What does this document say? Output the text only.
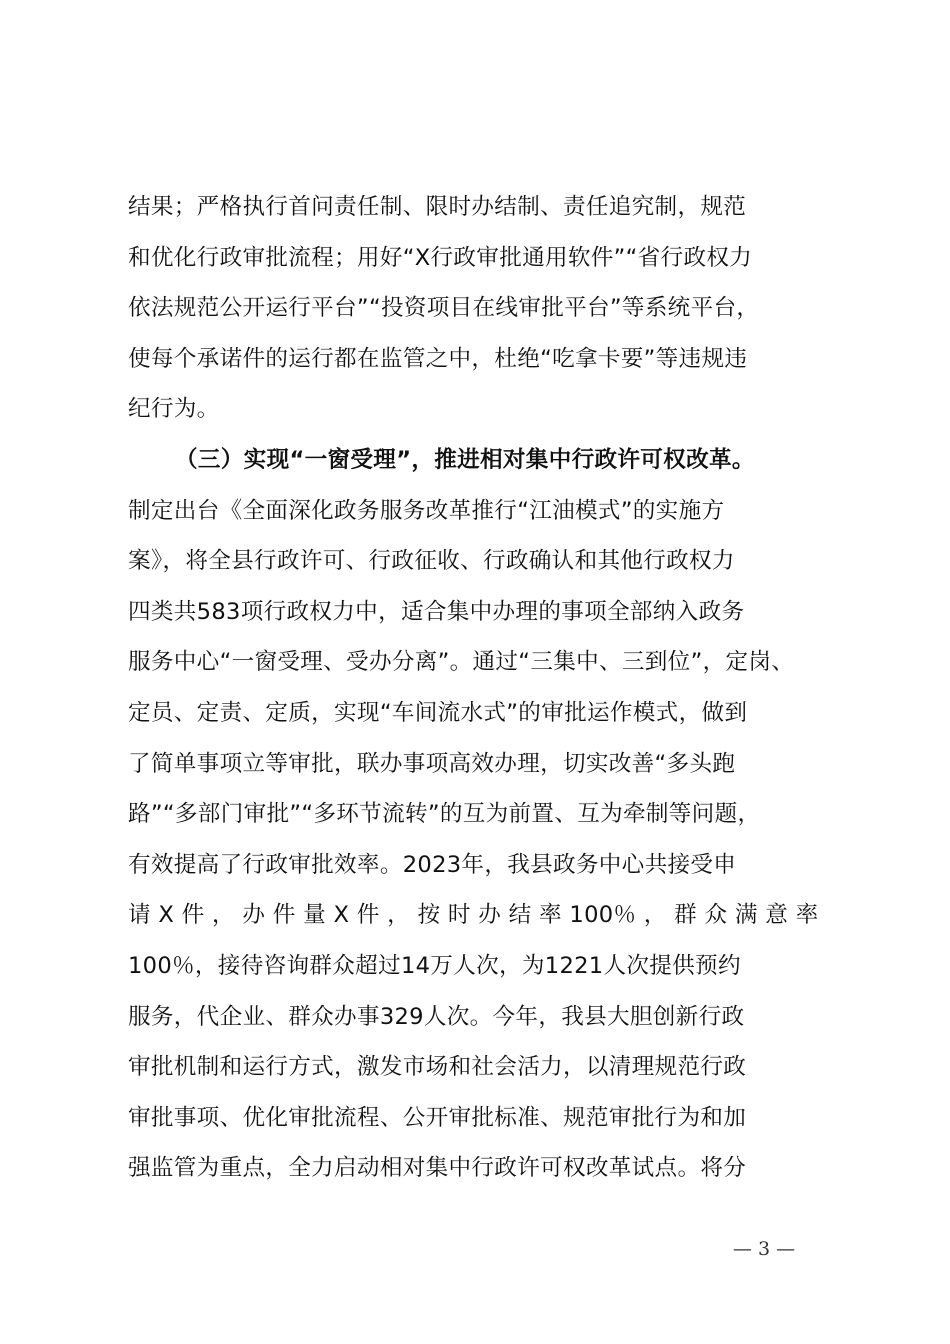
结果；严格执行首问责任制、限时办结制、责任追究制，规范
和优化行政审批流程；用好“X行政审批通用软件”“省行政权力
依法规范公开运行平台”“投资项目在线审批平台”等系统平台，
使每个承诺件的运行都在监管之中，杜绝“吃拿卡要”等违规违
纪行为。
（三）实现“一窗受理”，推进相对集中行政许可权改革。
制定出台《全面深化政务服务改革推行“江油模式”的实施方
案》，将全县行政许可、行政征收、行政确认和其他行政权力
四类共583项行政权力中，适合集中办理的事项全部纳入政务
服务中心“一窗受理、受办分离”。通过“三集中、三到位”，定岗、
定员、定责、定质，实现“车间流水式”的审批运作模式，做到
了简单事项立等审批，联办事项高效办理，切实改善“多头跑
路”“多部门审批”“多环节流转”的互为前置、互为牵制等问题，
有效提高了行政审批效率。2023年，我县政务中心共接受申
请 X 件 ， 办 件 量 X 件 ， 按 时 办 结 率 100％ ， 群 众 满 意 率
100％，接待咨询群众超过14万人次，为1221人次提供预约
服务，代企业、群众办事329人次。今年，我县大胆创新行政
审批机制和运行方式，激发市场和社会活力，以清理规范行政
审批事项、优化审批流程、公开审批标准、规范审批行为和加
强监管为重点，全力启动相对集中行政许可权改革试点。将分
— 3 —
